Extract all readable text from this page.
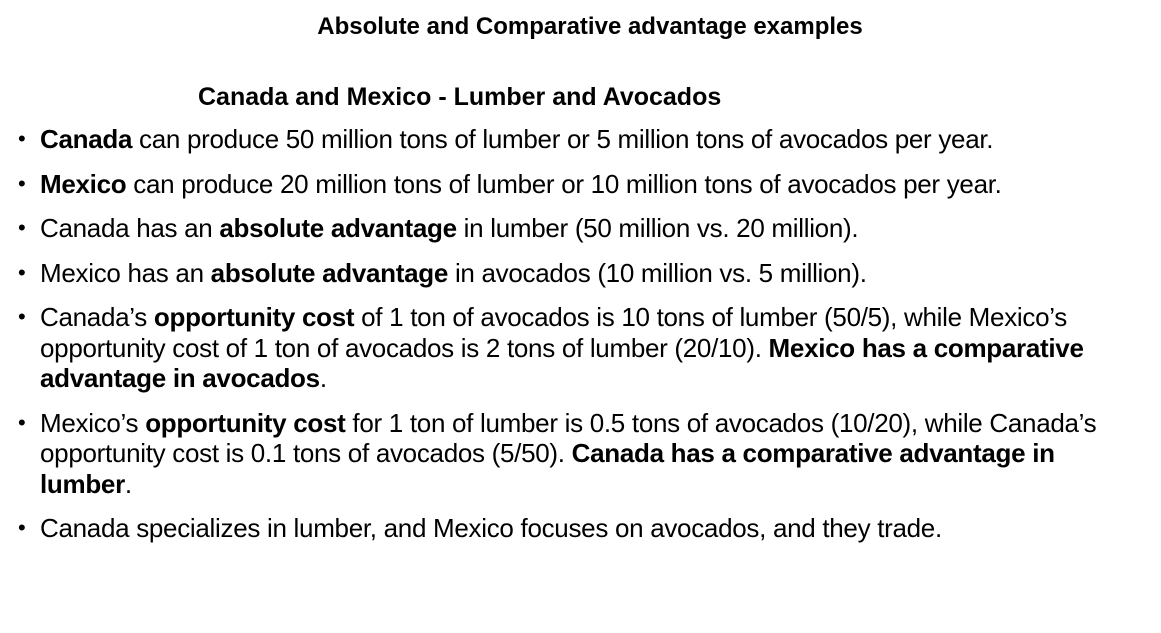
Absolute and Comparative advantage examples
Canada and Mexico - Lumber and Avocados
• Canada can produce 50 million tons of lumber or 5 million tons of avocados per year.
• Mexico can produce 20 million tons of lumber or 10 million tons of avocados per year.
• Canada has an absolute advantage in lumber (50 million vs. 20 million).
• Mexico has an absolute advantage in avocados (10 million vs. 5 million).
• Canada’s opportunity cost of 1 ton of avocados is 10 tons of lumber (50/5), while Mexico’s opportunity cost of 1 ton of avocados is 2 tons of lumber (20/10). Mexico has a comparative advantage in avocados.
• Mexico’s opportunity cost for 1 ton of lumber is 0.5 tons of avocados (10/20), while Canada’s opportunity cost is 0.1 tons of avocados (5/50). Canada has a comparative advantage in lumber.
• Canada specializes in lumber, and Mexico focuses on avocados, and they trade.
